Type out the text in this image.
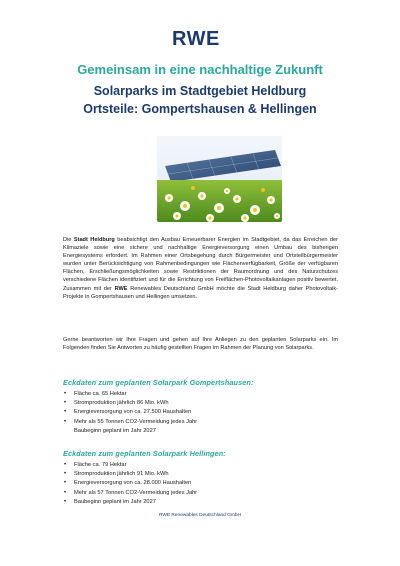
RWE
Gemeinsam in eine nachhaltige Zukunft
Solarparks im Stadtgebiet Heldburg
Ortsteile: Gompertshausen & Hellingen

Die Stadt Heldburg beabsichtigt den Ausbau Erneuerbarer Energien im Stadtgebiet, da das Erreichen der Klimaziele sowie eine sichere und nachhaltige Energieversorgung einen Umbau des bisherigen Energiesystems erfordert. Im Rahmen einer Ortsbegehung durch Bürgermeister und Ortsteilbürgermeister wurden unter Berücksichtigung von Rahmenbedingungen wie Flächenverfügbarkeit, Größe der verfügbaren Flächen, Erschließungsmöglichkeiten sowie Restriktionen der Raumordnung und des Naturschutzes verschiedene Flächen identifiziert und für die Errichtung von Freiflächen-Photovoltaikanlagen positiv bewertet. Zusammen mit der RWE Renewables Deutschland GmbH möchte die Stadt Heldburg daher Photovoltaik-Projekte in Gompertshausen und Hellingen umsetzen.

Gerne beantworten wir Ihre Fragen und gehen auf Ihre Anliegen zu den geplanten Solarparks ein. Im Folgenden finden Sie Antworten zu häufig gestellten Fragen im Rahmen der Planung von Solarparks.

Eckdaten zum geplanten Solarpark Gompertshausen:
• Fläche ca. 65 Hektar
• Stromproduktion jährlich 86 Mio. kWh
• Energieversorgung von ca. 27.500 Haushalten
• Mehr als 55 Tonnen CO2-Vermeidung jedes Jahr
Baubeginn geplant im Jahr 2027
Eckdaten zum geplanten Solarpark Hellingen:
• Fläche ca. 79 Hektar
• Stromproduktion jährlich 91 Mio. kWh
• Energieversorgung von ca. 28.000 Haushalten
• Mehr als 57 Tonnen CO2-Vermeidung jedes Jahr
• Baubeginn geplant im Jahr 2027
RWE Renewables Deutschland GmbH
